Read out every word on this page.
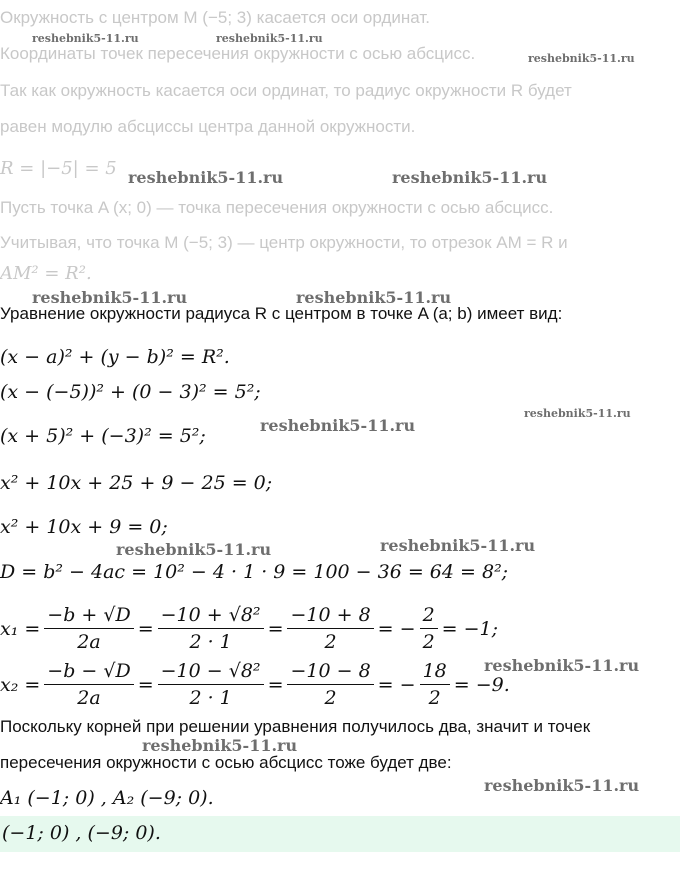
Окружность с центром M (−5; 3) касается оси ординат.
Координаты точек пересечения окружности с осью абсцисс.
Так как окружность касается оси ординат, то радиус окружности R будет
равен модулю абсциссы центра данной окружности.
R = |−5| = 5
Пусть точка A (x; 0) — точка пересечения окружности с осью абсцисс.
Учитывая, что точка M (−5; 3) — центр окружности, то отрезок AM = R и
AM² = R².
Уравнение окружности радиуса R с центром в точке A (a; b) имеет вид:
(x − a)² + (y − b)² = R².
(x − (−5))² + (0 − 3)² = 5²;
(x + 5)² + (−3)² = 5²;
x² + 10x + 25 + 9 − 25 = 0;
x² + 10x + 9 = 0;
D = b² − 4ac = 10² − 4 · 1 · 9 = 100 − 36 = 64 = 8²;
$x_1 = \frac{-b + √D}{2a} = \frac{\text{−10 + √8²}}{2 \cdot 1} = \frac{-10 + 8}{2}$ = − $\frac{2}{2} = -1$;
$x_2 = \frac{-b - √D}{2a} = \frac{\text{−10 − √8²}}{2 \cdot 1} = \frac{-10 - 8}{2}$ = − $\frac{18}{2} = -9$.
Поскольку корней при решении уравнения получилось два, значит и точек
пересечения окружности с осью абсцисс тоже будет две:
A₁ (−1; 0) , A₂ (−9; 0).
(−1; 0) , (−9; 0).
reshebnik5-11.ru	reshebnik5-11.ru
reshebnik5-11.ru
reshebnik5-11.ru	reshebnik5-11.ru
reshebnik5-11.ru	reshebnik5-11.ru
reshebnik5-11.ru
reshebnik5-11.ru
reshebnik5-11.ru	reshebnik5-11.ru
reshebnik5-11.ru
reshebnik5-11.ru
reshebnik5-11.ru
